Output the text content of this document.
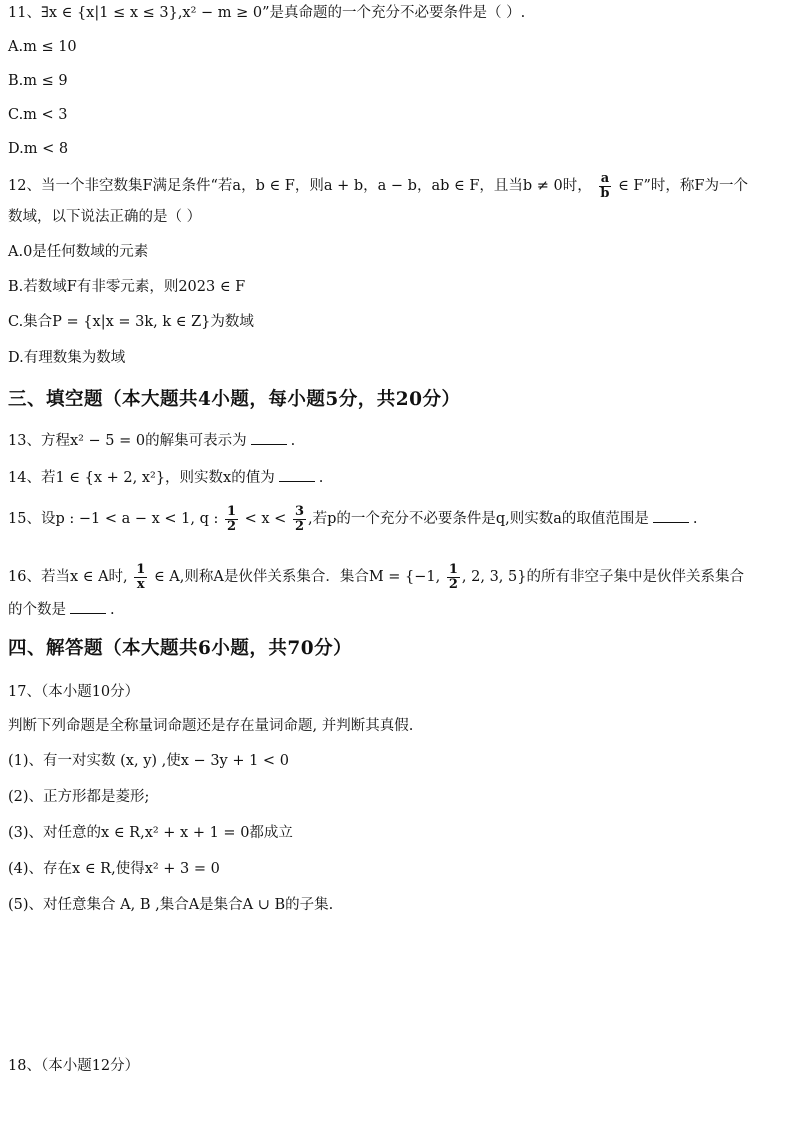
11、∃x ∈ {x|1 ≤ x ≤ 3},x² − m ≥ 0”是真命题的一个充分不必要条件是（ ）.
A.m ≤ 10
B.m ≤ 9
C.m < 3
D.m < 8
12、当一个非空数集F满足条件“若a，b ∈ F，则a + b，a − b，ab ∈ F，且当b ≠ 0时， $\frac{a}{b}$ ∈ F”时，称F为一个
数域，以下说法正确的是（ ）
A.0是任何数域的元素
B.若数域F有非零元素，则2023 ∈ F
C.集合P = {x|x = 3k, k ∈ Z}为数域
D.有理数集为数域
三、填空题（本大题共4小题，每小题5分，共20分）
13、方程x² − 5 = 0的解集可表示为	.
14、若1 ∈ {x + 2, x²}，则实数x的值为	.
15、设p : −1 < a − x < 1, q : $\frac{1}{2} < x < \frac{3}{2}$ ,若p的一个充分不必要条件是q,则实数a的取值范围是	.
16、若当x ∈ A时, $\frac{1}{x}$ ∈ A,则称A是伙伴关系集合．集合M = {−1, $\frac{1}{2}$ , 2, 3, 5}的所有非空子集中是伙伴关系集合
的个数是	.
四、解答题（本大题共6小题，共70分）
17、（本小题10分）
判断下列命题是全称量词命题还是存在量词命题, 并判断其真假.
(1)、有一对实数 (x, y) ,使x − 3y + 1 < 0
(2)、正方形都是菱形;
(3)、对任意的x ∈ R,x² + x + 1 = 0都成立
(4)、存在x ∈ R,使得x² + 3 = 0
(5)、对任意集合 A, B ,集合A是集合A ∪ B的子集.
18、（本小题12分）
